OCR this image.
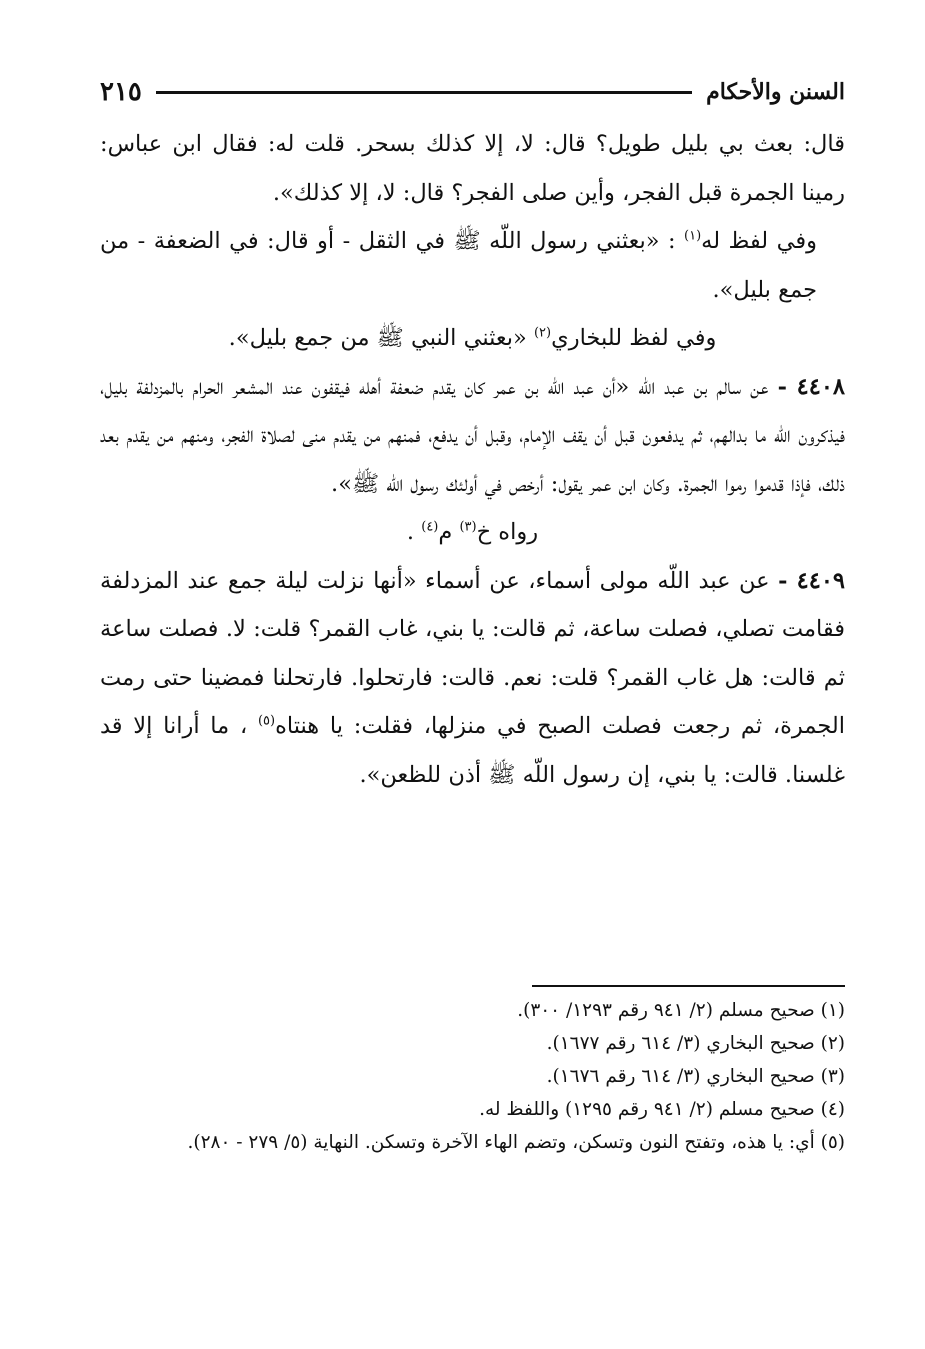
السنن والأحكام
٢١٥

قال: بعث بي بليل طويل؟ قال: لا، إلا كذلك بسحر. قلت له: فقال ابن عباس: رمينا الجمرة قبل الفجر، وأين صلى الفجر؟ قال: لا، إلا كذلك».

وفي لفظ له$^{(١)}$ : «بعثني رسول اللّه ﷺ في الثقل - أو قال: في الضعفة - من جمع بليل».

وفي لفظ للبخاري$^{(٢)}$ «بعثني النبي ﷺ من جمع بليل».

٤٤٠٨ - عن سالم بن عبد اللّه «أن عبد اللّه بن عمر كان يقدم ضعفة أهله فيقفون عند المشعر الحرام بالمزدلفة بليل، فيذكرون اللّه ما بدالهم، ثم يدفعون قبل أن يقف الإمام، وقبل أن يدفع، فمنهم من يقدم منى لصلاة الفجر، ومنهم من يقدم بعد ذلك، فإذا قدموا رموا الجمرة. وكان ابن عمر يقول: أرخص في أولئك رسول اللّه ﷺ».

رواه خ$^{(٣)}$ م$^{(٤)}$ .

٤٤٠٩ - عن عبد اللّه مولى أسماء، عن أسماء «أنها نزلت ليلة جمع عند المزدلفة فقامت تصلي، فصلت ساعة، ثم قالت: يا بني، غاب القمر؟ قلت: لا. فصلت ساعة ثم قالت: هل غاب القمر؟ قلت: نعم. قالت: فارتحلوا. فارتحلنا فمضينا حتى رمت الجمرة، ثم رجعت فصلت الصبح في منزلها، فقلت: يا هنتاه$^{(٥)}$ ، ما أرانا إلا قد غلسنا. قالت: يا بني، إن رسول اللّه ﷺ أذن للظعن».

(١) صحيح مسلم (٢/ ٩٤١ رقم ١٢٩٣/ ٣٠٠).

(٢) صحيح البخاري (٣/ ٦١٤ رقم ١٦٧٧).

(٣) صحيح البخاري (٣/ ٦١٤ رقم ١٦٧٦).

(٤) صحيح مسلم (٢/ ٩٤١ رقم ١٢٩٥) واللفظ له.

(٥) أي: يا هذه، وتفتح النون وتسكن، وتضم الهاء الآخرة وتسكن. النهاية (٥/ ٢٧٩ - ٢٨٠).
